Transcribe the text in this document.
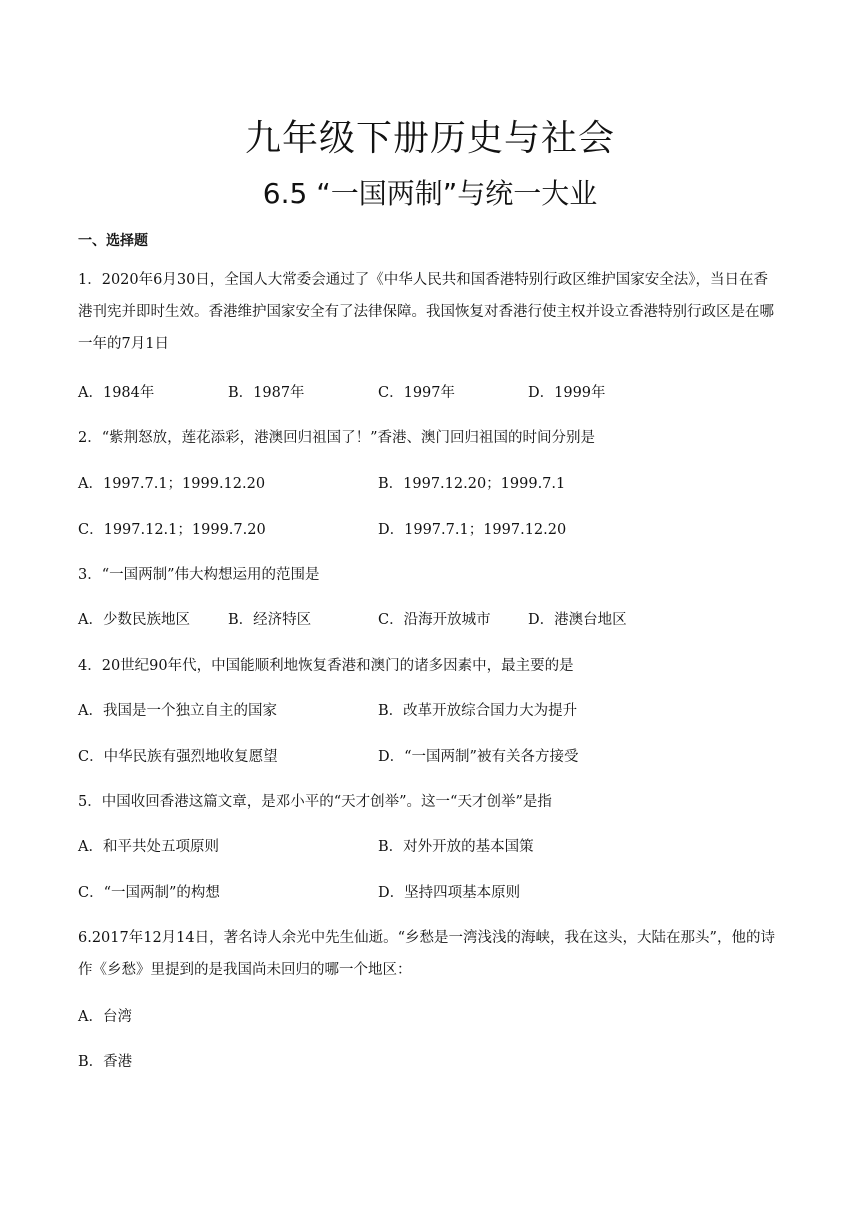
九年级下册历史与社会
6.5 “一国两制”与统一大业
一、选择题
1．2020年6月30日，全国人大常委会通过了《中华人民共和国香港特别行政区维护国家安全法》，当日在香港刊宪并即时生效。香港维护国家安全有了法律保障。我国恢复对香港行使主权并设立香港特别行政区是在哪一年的7月1日
A．1984年	B．1987年	C．1997年	D．1999年
2．“紫荆怒放，莲花添彩，港澳回归祖国了！”香港、澳门回归祖国的时间分别是
A．1997.7.1；1999.12.20	B．1997.12.20；1999.7.1
C．1997.12.1；1999.7.20	D．1997.7.1；1997.12.20
3．“一国两制”伟大构想运用的范围是
A．少数民族地区	B．经济特区	C．沿海开放城市	D．港澳台地区
4．20世纪90年代，中国能顺利地恢复香港和澳门的诸多因素中，最主要的是
A．我国是一个独立自主的国家	B．改革开放综合国力大为提升
C．中华民族有强烈地收复愿望	D．“一国两制”被有关各方接受
5．中国收回香港这篇文章，是邓小平的“天才创举”。这一“天才创举”是指
A．和平共处五项原则	B．对外开放的基本国策
C．“一国两制”的构想	D．坚持四项基本原则
6.2017年12月14日，著名诗人余光中先生仙逝。“乡愁是一湾浅浅的海峡，我在这头，大陆在那头”，他的诗作《乡愁》里提到的是我国尚未回归的哪一个地区：
A．台湾
B．香港
